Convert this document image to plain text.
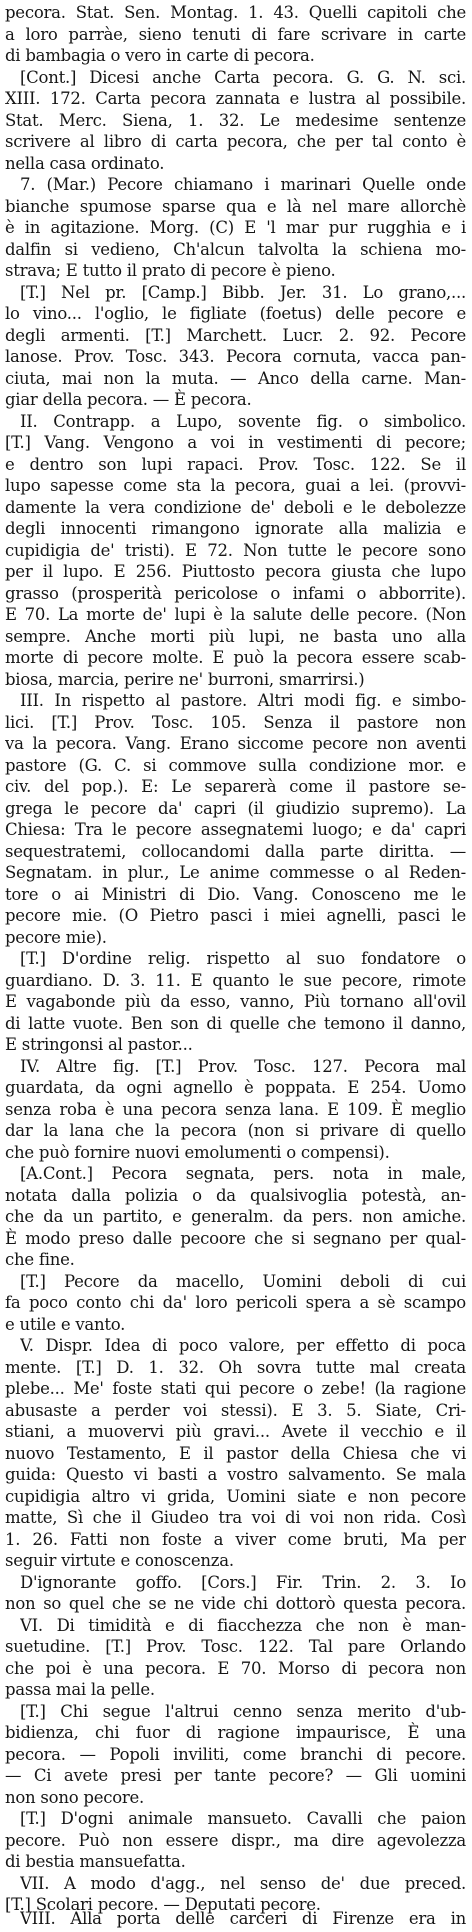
pecora. Stat. Sen. Montag. 1. 43. Quelli capitoli che
a loro parràe, sieno tenuti di fare scrivare in carte
di bambagia o vero in carte di pecora.
[Cont.] Dicesi anche Carta pecora. G. G. N. sci.
XIII. 172. Carta pecora zannata e lustra al possibile.
Stat. Merc. Siena, 1. 32. Le medesime sentenze
scrivere al libro di carta pecora, che per tal conto è
nella casa ordinato.
7. (Mar.) Pecore chiamano i marinari Quelle onde
bianche spumose sparse qua e là nel mare allorchè
è in agitazione. Morg. (C) E 'l mar pur rugghia e i
dalfin si vedieno, Ch'alcun talvolta la schiena mo-
strava; E tutto il prato di pecore è pieno.
[T.] Nel pr. [Camp.] Bibb. Jer. 31. Lo grano,...
lo vino... l'oglio, le figliate (foetus) delle pecore e
degli armenti. [T.] Marchett. Lucr. 2. 92. Pecore
lanose. Prov. Tosc. 343. Pecora cornuta, vacca pan-
ciuta, mai non la muta. — Anco della carne. Man-
giar della pecora. — È pecora.
II. Contrapp. a Lupo, sovente fig. o simbolico.
[T.] Vang. Vengono a voi in vestimenti di pecore;
e dentro son lupi rapaci. Prov. Tosc. 122. Se il
lupo sapesse come sta la pecora, guai a lei. (provvi-
damente la vera condizione de' deboli e le debolezze
degli innocenti rimangono ignorate alla malizia e
cupidigia de' tristi). E 72. Non tutte le pecore sono
per il lupo. E 256. Piuttosto pecora giusta che lupo
grasso (prosperità pericolose o infami o abborrite).
E 70. La morte de' lupi è la salute delle pecore. (Non
sempre. Anche morti più lupi, ne basta uno alla
morte di pecore molte. E può la pecora essere scab-
biosa, marcia, perire ne' burroni, smarrirsi.)
III. In rispetto al pastore. Altri modi fig. e simbo-
lici. [T.] Prov. Tosc. 105. Senza il pastore non
va la pecora. Vang. Erano siccome pecore non aventi
pastore (G. C. si commove sulla condizione mor. e
civ. del pop.). E: Le separerà come il pastore se-
grega le pecore da' capri (il giudizio supremo). La
Chiesa: Tra le pecore assegnatemi luogo; e da' capri
sequestratemi, collocandomi dalla parte diritta. —
Segnatam. in plur., Le anime commesse o al Reden-
tore o ai Ministri di Dio. Vang. Conosceno me le
pecore mie. (O Pietro pasci i miei agnelli, pasci le
pecore mie).
[T.] D'ordine relig. rispetto al suo fondatore o
guardiano. D. 3. 11. E quanto le sue pecore, rimote
E vagabonde più da esso, vanno, Più tornano all'ovil
di latte vuote. Ben son di quelle che temono il danno,
E stringonsi al pastor...
IV. Altre fig. [T.] Prov. Tosc. 127. Pecora mal
guardata, da ogni agnello è poppata. E 254. Uomo
senza roba è una pecora senza lana. E 109. È meglio
dar la lana che la pecora (non si privare di quello
che può fornire nuovi emolumenti o compensi).
[A.Cont.] Pecora segnata, pers. nota in male,
notata dalla polizia o da qualsivoglia potestà, an-
che da un partito, e generalm. da pers. non amiche.
È modo preso dalle pecoore che si segnano per qual-
che fine.
[T.] Pecore da macello, Uomini deboli di cui
fa poco conto chi da' loro pericoli spera a sè scampo
e utile e vanto.
V. Dispr. Idea di poco valore, per effetto di poca
mente. [T.] D. 1. 32. Oh sovra tutte mal creata
plebe... Me' foste stati qui pecore o zebe! (la ragione
abusaste a perder voi stessi). E 3. 5. Siate, Cri-
stiani, a muovervi più gravi... Avete il vecchio e il
nuovo Testamento, E il pastor della Chiesa che vi
guida: Questo vi basti a vostro salvamento. Se mala
cupidigia altro vi grida, Uomini siate e non pecore
matte, Sì che il Giudeo tra voi di voi non rida. Così
1. 26. Fatti non foste a viver come bruti, Ma per
seguir virtute e conoscenza.
D'ignorante goffo. [Cors.] Fir. Trin. 2. 3. Io
non so quel che se ne vide chi dottorò questa pecora.
VI. Di timidità e di fiacchezza che non è man-
suetudine. [T.] Prov. Tosc. 122. Tal pare Orlando
che poi è una pecora. E 70. Morso di pecora non
passa mai la pelle.
[T.] Chi segue l'altrui cenno senza merito d'ub-
bidienza, chi fuor di ragione impaurisce, È una
pecora. — Popoli inviliti, come branchi di pecore.
— Ci avete presi per tante pecore? — Gli uomini
non sono pecore.
[T.] D'ogni animale mansueto. Cavalli che paion
pecore. Può non essere dispr., ma dire agevolezza
di bestia mansuefatta.
VII. A modo d'agg., nel senso de' due preced.
[T.] Scolari pecore. — Deputati pecore.
VIII. Alla porta delle carceri di Firenze era in
